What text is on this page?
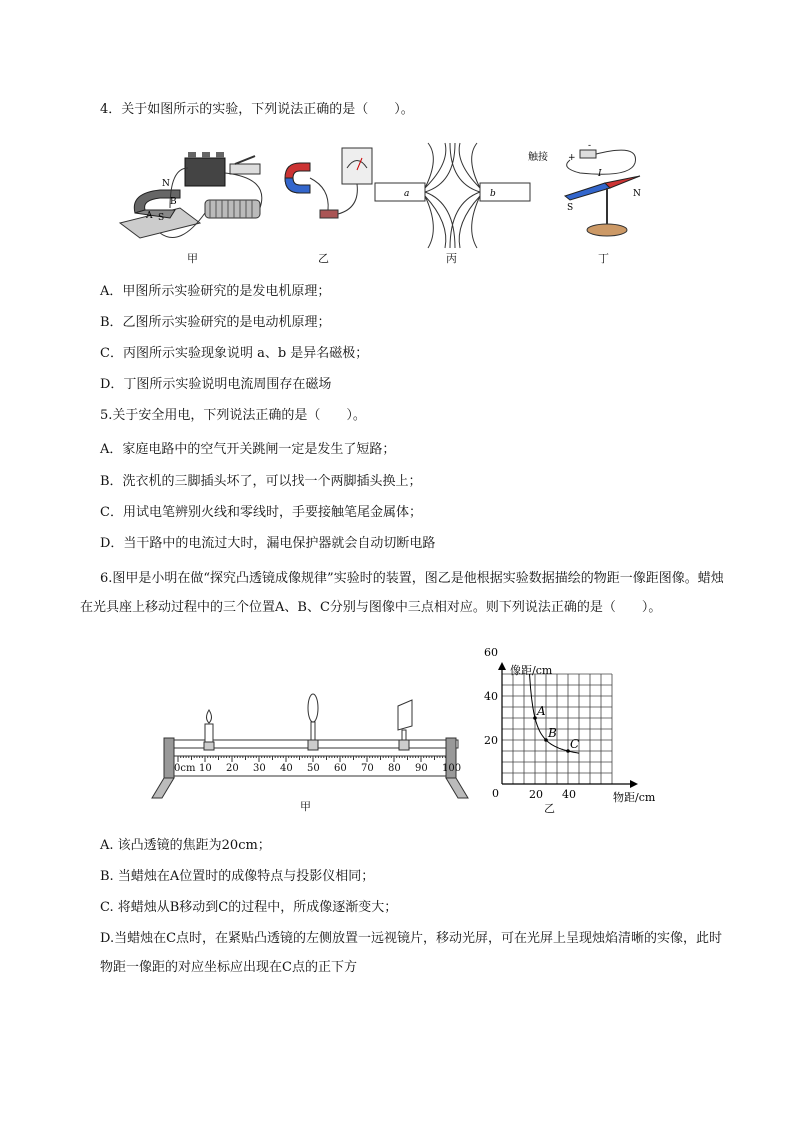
4．关于如图所示的实验，下列说法正确的是（　　）。
N
B
A S
a	b
触接 +
-
I
S
N
甲	乙	丙	丁
A．甲图所示实验研究的是发电机原理；
B．乙图所示实验研究的是电动机原理；
C．丙图所示实验现象说明 a、b 是异名磁极；
D．丁图所示实验说明电流周围存在磁场
5.关于安全用电，下列说法正确的是（　　）。
A．家庭电路中的空气开关跳闸一定是发生了短路；
B．洗衣机的三脚插头坏了，可以找一个两脚插头换上；
C．用试电笔辨别火线和零线时，手要接触笔尾金属体；
D．当干路中的电流过大时，漏电保护器就会自动切断电路
6.图甲是小明在做“探究凸透镜成像规律”实验时的装置，图乙是他根据实验数据描绘的物距一像距图像。蜡烛在光具座上移动过程中的三个位置A、B、C分别与图像中三点相对应。则下列说法正确的是（　　）。
0cm 10 20 30 40 50 60 70 80 90 100
甲
A
B
C
像距/cm
物距/cm
0
60
40
20
20 40
乙
A. 该凸透镜的焦距为20cm；
B. 当蜡烛在A位置时的成像特点与投影仪相同；
C. 将蜡烛从B移动到C的过程中，所成像逐渐变大；
D.当蜡烛在C点时，在紧贴凸透镜的左侧放置一远视镜片，移动光屏，可在光屏上呈现烛焰清晰的实像，此时物距一像距的对应坐标应出现在C点的正下方
